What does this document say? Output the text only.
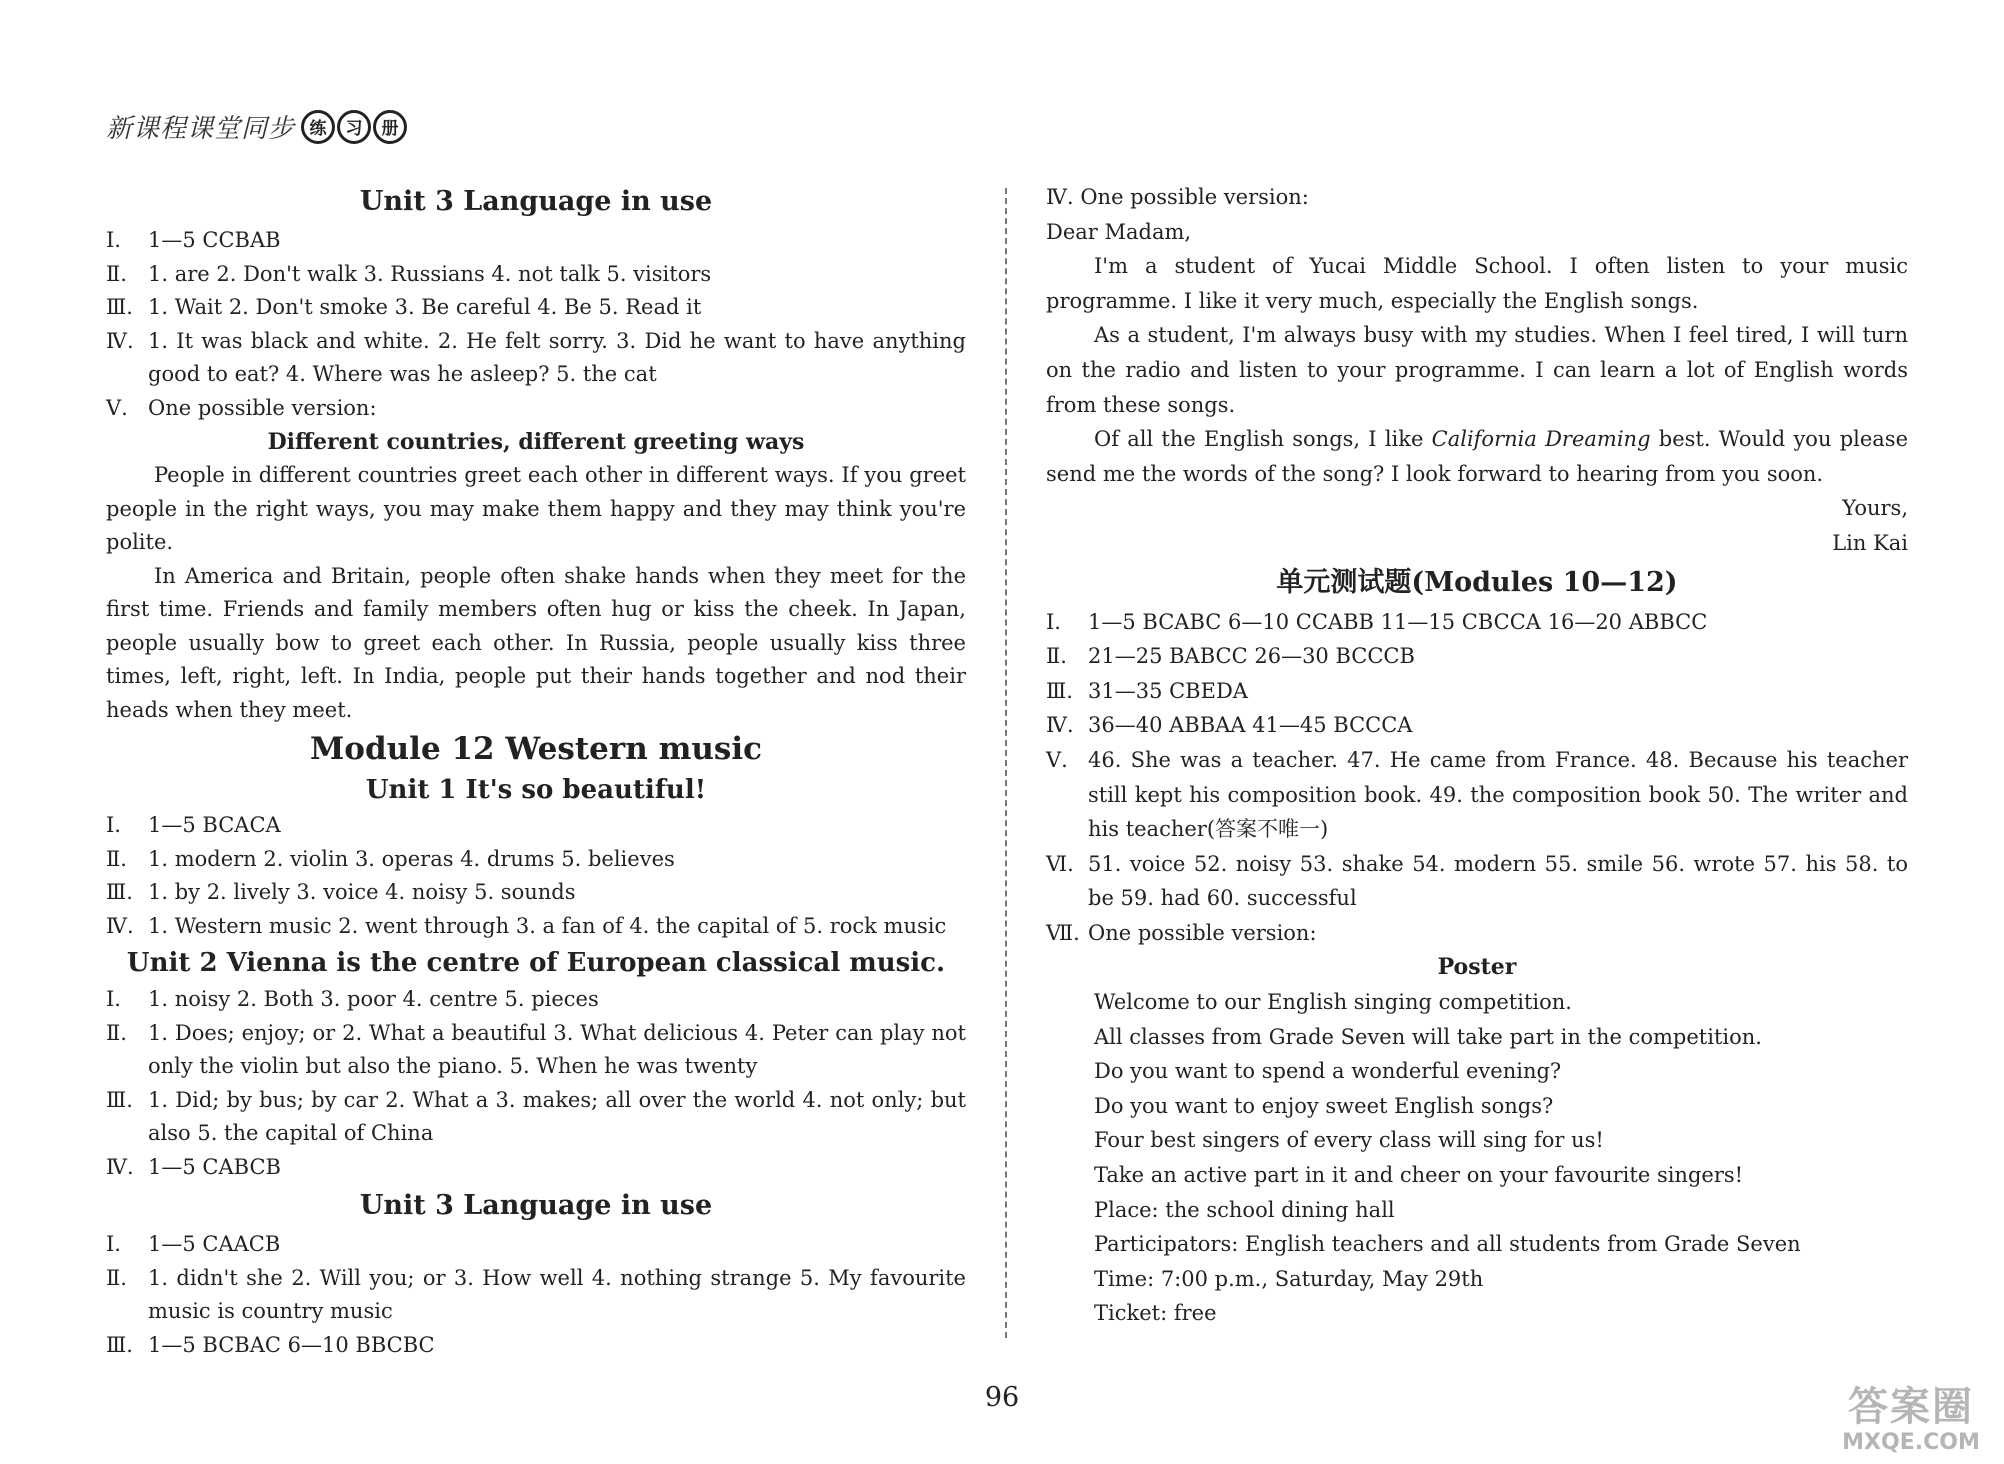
新课程课堂同步 练	习	册
Unit 3 Language in use
Ⅰ.	1—5 CCBAB
Ⅱ.	1. are 2. Don't walk 3. Russians 4. not talk 5. visitors
Ⅲ. 1. Wait 2. Don't smoke 3. Be careful 4. Be 5. Read it
Ⅳ. 1. It was black and white. 2. He felt sorry. 3. Did he want to have anything good to eat? 4. Where was he asleep? 5. the cat
Ⅴ. One possible version:
Different countries, different greeting ways

People in different countries greet each other in different ways. If you greet people in the right ways, you may make them happy and they may think you're polite.

In America and Britain, people often shake hands when they meet for the first time. Friends and family members often hug or kiss the cheek. In Japan, people usually bow to greet each other. In Russia, people usually kiss three times, left, right, left. In India, people put their hands together and nod their heads when they meet.

Module 12 Western music
Unit 1 It's so beautiful!
Ⅰ.	1—5 BCACA
Ⅱ.	1. modern 2. violin 3. operas 4. drums 5. believes
Ⅲ. 1. by 2. lively 3. voice 4. noisy 5. sounds
Ⅳ. 1. Western music 2. went through 3. a fan of 4. the capital of 5. rock music
Unit 2 Vienna is the centre of European classical music.
Ⅰ.	1. noisy 2. Both 3. poor 4. centre 5. pieces
Ⅱ.	1. Does; enjoy; or 2. What a beautiful 3. What delicious 4. Peter can play not only the violin but also the piano. 5. When he was twenty
Ⅲ. 1. Did; by bus; by car 2. What a 3. makes; all over the world 4. not only; but also 5. the capital of China
Ⅳ. 1—5 CABCB
Unit 3 Language in use
Ⅰ.	1—5 CAACB
Ⅱ.	1. didn't she 2. Will you; or 3. How well 4. nothing strange 5. My favourite music is country music
Ⅲ. 1—5 BCBAC 6—10 BBCBC

Ⅳ. One possible version:

Dear Madam,

I'm a student of Yucai Middle School. I often listen to your music programme. I like it very much, especially the English songs.

As a student, I'm always busy with my studies. When I feel tired, I will turn on the radio and listen to your programme. I can learn a lot of English words from these songs.

Of all the English songs, I like California Dreaming best. Would you please send me the words of the song? I look forward to hearing from you soon.

Yours,

Lin Kai

单元测试题(Modules 10—12)
Ⅰ.	1—5 BCABC 6—10 CCABB 11—15 CBCCA 16—20 ABBCC
Ⅱ.	21—25 BABCC 26—30 BCCCB
Ⅲ. 31—35 CBEDA
Ⅳ. 36—40 ABBAA 41—45 BCCCA
Ⅴ. 46. She was a teacher. 47. He came from France. 48. Because his teacher still kept his composition book. 49. the composition book 50. The writer and his teacher(答案不唯一)
Ⅵ. 51. voice 52. noisy 53. shake 54. modern 55. smile 56. wrote 57. his 58. to be 59. had 60. successful
Ⅶ. One possible version:
Poster
Welcome to our English singing competition.
All classes from Grade Seven will take part in the competition.
Do you want to spend a wonderful evening?
Do you want to enjoy sweet English songs?
Four best singers of every class will sing for us!
Take an active part in it and cheer on your favourite singers!
Place: the school dining hall
Participators: English teachers and all students from Grade Seven
Time: 7:00 p.m., Saturday, May 29th
Ticket: free
96	答案圈
MXQE.COM
